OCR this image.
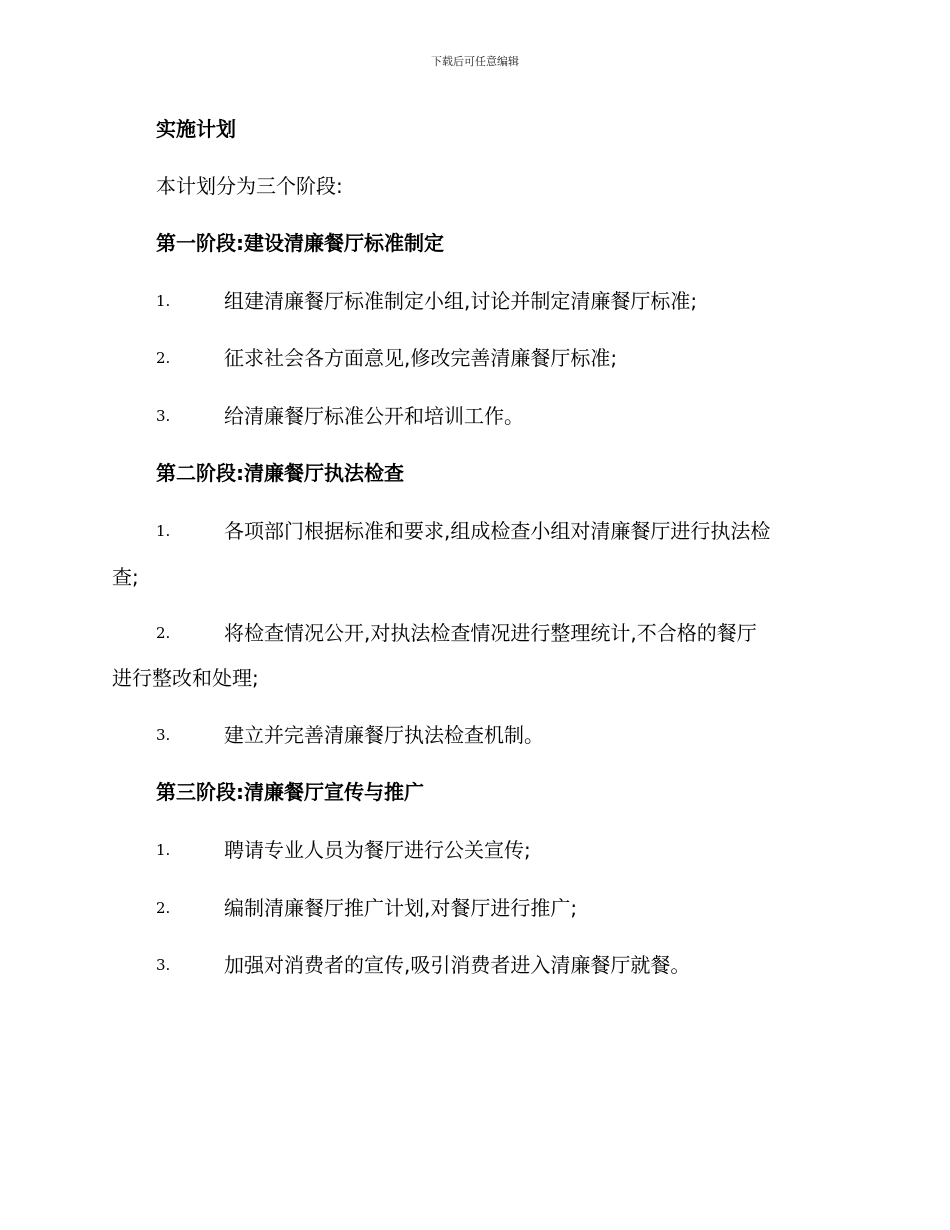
下载后可任意编辑
实施计划
本计划分为三个阶段:
第一阶段:建设清廉餐厅标准制定
1.	组建清廉餐厅标准制定小组,讨论并制定清廉餐厅标准;
2.	征求社会各方面意见,修改完善清廉餐厅标准;
3.	给清廉餐厅标准公开和培训工作。
第二阶段:清廉餐厅执法检查
1.	各项部门根据标准和要求,组成检查小组对清廉餐厅进行执法检
查;
2.	将检查情况公开,对执法检查情况进行整理统计,不合格的餐厅
进行整改和处理;
3.	建立并完善清廉餐厅执法检查机制。
第三阶段:清廉餐厅宣传与推广
1.	聘请专业人员为餐厅进行公关宣传;
2.	编制清廉餐厅推广计划,对餐厅进行推广;
3.	加强对消费者的宣传,吸引消费者进入清廉餐厅就餐。
